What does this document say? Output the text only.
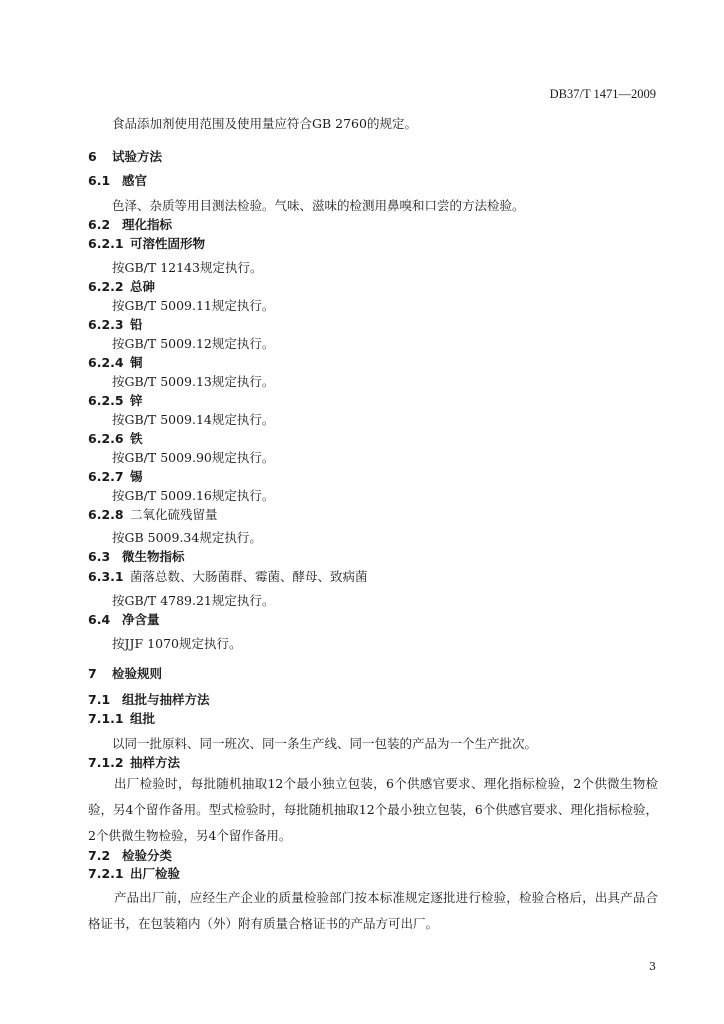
DB37/T 1471—2009
食品添加剂使用范围及使用量应符合GB 2760的规定。
6 试验方法
6.1 感官
色泽、杂质等用目测法检验。气味、滋味的检测用鼻嗅和口尝的方法检验。
6.2 理化指标
6.2.1 可溶性固形物
按GB/T 12143规定执行。
6.2.2 总砷
按GB/T 5009.11规定执行。
6.2.3 铅
按GB/T 5009.12规定执行。
6.2.4 铜
按GB/T 5009.13规定执行。
6.2.5 锌
按GB/T 5009.14规定执行。
6.2.6 铁
按GB/T 5009.90规定执行。
6.2.7 锡
按GB/T 5009.16规定执行。
6.2.8 二氧化硫残留量
按GB 5009.34规定执行。
6.3 微生物指标
6.3.1 菌落总数、大肠菌群、霉菌、酵母、致病菌
按GB/T 4789.21规定执行。
6.4 净含量
按JJF 1070规定执行。
7 检验规则
7.1 组批与抽样方法
7.1.1 组批
以同一批原料、同一班次、同一条生产线、同一包装的产品为一个生产批次。
7.1.2 抽样方法
出厂检验时，每批随机抽取12个最小独立包装，6个供感官要求、理化指标检验，2个供微生物检验，另4个留作备用。型式检验时，每批随机抽取12个最小独立包装，6个供感官要求、理化指标检验，2个供微生物检验，另4个留作备用。
7.2 检验分类
7.2.1 出厂检验
产品出厂前，应经生产企业的质量检验部门按本标准规定逐批进行检验，检验合格后，出具产品合格证书，在包装箱内（外）附有质量合格证书的产品方可出厂。
3
